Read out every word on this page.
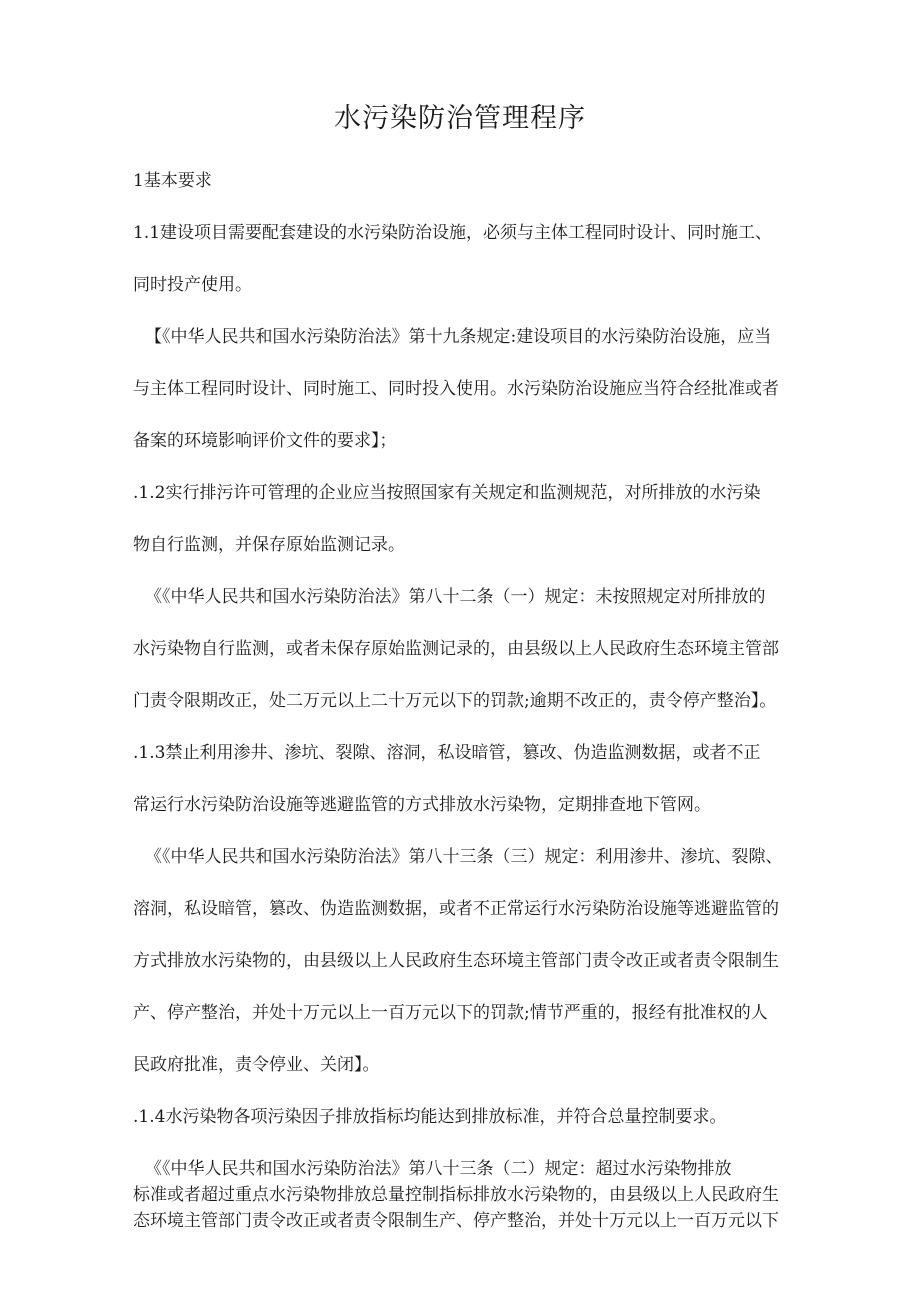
水污染防治管理程序
1基本要求
1.1建设项目需要配套建设的水污染防治设施，必须与主体工程同时设计、同时施工、
同时投产使用。
【《中华人民共和国水污染防治法》第十九条规定:建设项目的水污染防治设施，应当
与主体工程同时设计、同时施工、同时投入使用。水污染防治设施应当符合经批准或者
备案的环境影响评价文件的要求】；
.1.2实行排污许可管理的企业应当按照国家有关规定和监测规范，对所排放的水污染
物自行监测，并保存原始监测记录。
《《中华人民共和国水污染防治法》第八十二条（一）规定：未按照规定对所排放的
水污染物自行监测，或者未保存原始监测记录的，由县级以上人民政府生态环境主管部
门责令限期改正，处二万元以上二十万元以下的罚款;逾期不改正的，责令停产整治】。
.1.3禁止利用渗井、渗坑、裂隙、溶洞，私设暗管，篡改、伪造监测数据，或者不正
常运行水污染防治设施等逃避监管的方式排放水污染物，定期排查地下管网。
《《中华人民共和国水污染防治法》第八十三条（三）规定：利用渗井、渗坑、裂隙、
溶洞，私设暗管，篡改、伪造监测数据，或者不正常运行水污染防治设施等逃避监管的
方式排放水污染物的，由县级以上人民政府生态环境主管部门责令改正或者责令限制生
产、停产整治，并处十万元以上一百万元以下的罚款;情节严重的，报经有批准权的人
民政府批准，责令停业、关闭】。
.1.4水污染物各项污染因子排放指标均能达到排放标准，并符合总量控制要求。
《《中华人民共和国水污染防治法》第八十三条（二）规定：超过水污染物排放
标准或者超过重点水污染物排放总量控制指标排放水污染物的，由县级以上人民政府生
态环境主管部门责令改正或者责令限制生产、停产整治，并处十万元以上一百万元以下
